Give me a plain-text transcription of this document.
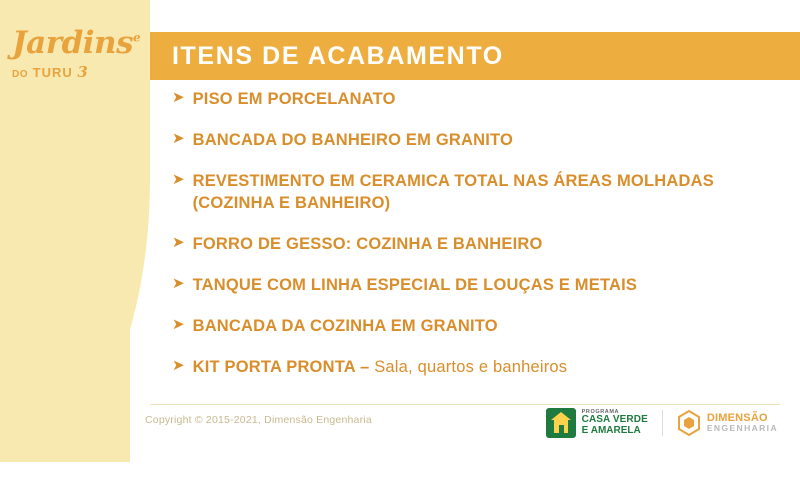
Jardins$^e$
DO TURU 3
ITENS DE ACABAMENTO
➤ PISO EM PORCELANATO
➤ BANCADA DO BANHEIRO EM GRANITO
➤ REVESTIMENTO EM CERAMICA TOTAL NAS ÁREAS MOLHADAS (COZINHA E BANHEIRO)
➤ FORRO DE GESSO: COZINHA E BANHEIRO
➤ TANQUE COM LINHA ESPECIAL DE LOUÇAS E METAIS
➤ BANCADA DA COZINHA EM GRANITO
➤ KIT PORTA PRONTA – Sala, quartos e banheiros
Copyright © 2015-2021, Dimensão Engenharia
PROGRAMA
CASA VERDE
E AMARELA
DIMENSÃO
ENGENHARIA
